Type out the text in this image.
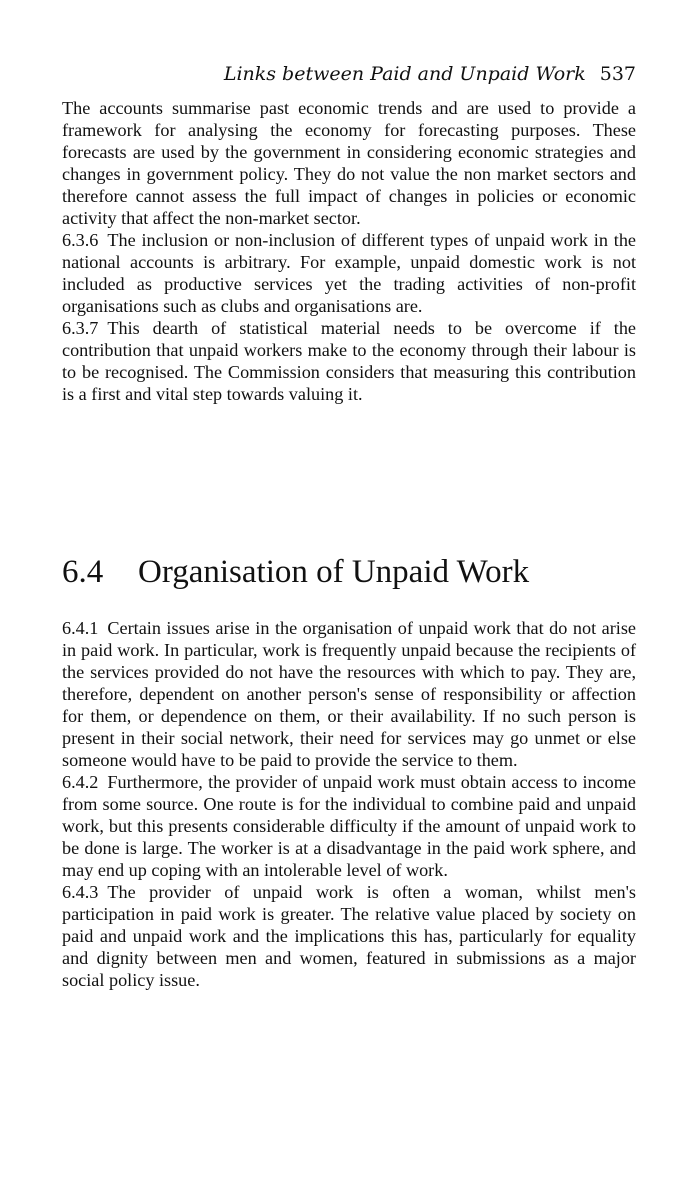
Links between Paid and Unpaid Work 537

The accounts summarise past economic trends and are used to provide a framework for analysing the economy for forecasting purposes. These forecasts are used by the government in considering economic strategies and changes in government policy. They do not value the non market sectors and therefore cannot assess the full impact of changes in policies or economic activity that affect the non-market sector.

6.3.6 The inclusion or non-inclusion of different types of unpaid work in the national accounts is arbitrary. For example, unpaid domestic work is not included as productive services yet the trading activities of non-profit organisations such as clubs and organisations are.

6.3.7 This dearth of statistical material needs to be overcome if the contribution that unpaid workers make to the economy through their labour is to be recognised. The Commission considers that measuring this contribution is a first and vital step towards valuing it.

6.4 Organisation of Unpaid Work

6.4.1 Certain issues arise in the organisation of unpaid work that do not arise in paid work. In particular, work is frequently unpaid because the recipients of the services provided do not have the resources with which to pay. They are, therefore, dependent on another person's sense of responsibility or affection for them, or dependence on them, or their availability. If no such person is present in their social network, their need for services may go unmet or else someone would have to be paid to provide the service to them.

6.4.2 Furthermore, the provider of unpaid work must obtain access to income from some source. One route is for the individual to combine paid and unpaid work, but this presents considerable difficulty if the amount of unpaid work to be done is large. The worker is at a disadvantage in the paid work sphere, and may end up coping with an intolerable level of work.

6.4.3 The provider of unpaid work is often a woman, whilst men's participation in paid work is greater. The relative value placed by society on paid and unpaid work and the implications this has, particularly for equality and dignity between men and women, featured in submissions as a major social policy issue.
